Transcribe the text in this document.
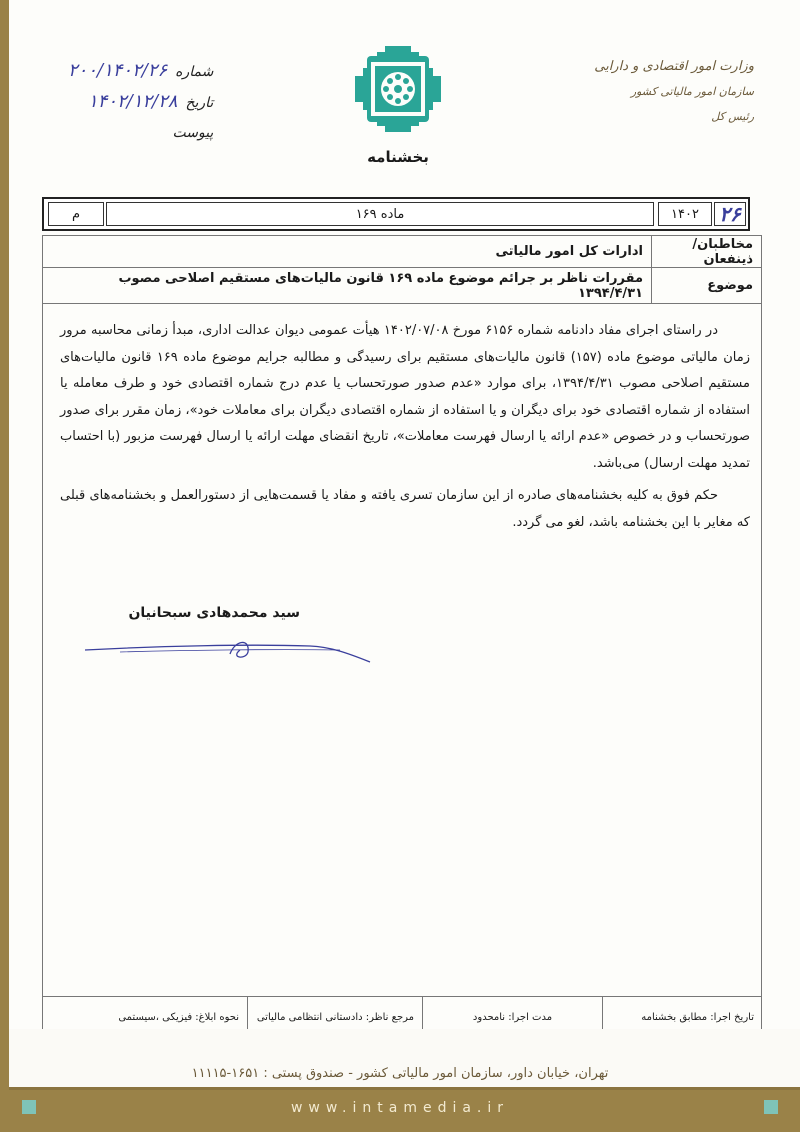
وزارت امور اقتصادی و دارایی
سازمان امور مالیاتی کشور
رئیس کل
بخشنامه
شماره
۲۰۰/۱۴۰۲/۲۶
تاریخ
۱۴۰۲/۱۲/۲۸
پیوست
م	ماده ۱۶۹	۱۴۰۲	۲۶
مخاطبان/ ذینفعان
ادارات کل امور مالیاتی
موضوع
مقررات ناظر بر جرائم موضوع ماده ۱۶۹ قانون مالیات‌های مستقیم اصلاحی مصوب ۱۳۹۴/۴/۳۱

در راستای اجرای مفاد دادنامه شماره ۶۱۵۶ مورخ ۱۴۰۲/۰۷/۰۸ هیأت عمومی دیوان عدالت اداری، مبدأ زمانی محاسبه مرور زمان مالیاتی موضوع ماده (۱۵۷) قانون مالیات‌های مستقیم برای رسیدگی و مطالبه جرایم موضوع ماده ۱۶۹ قانون مالیات‌های مستقیم اصلاحی مصوب ۱۳۹۴/۴/۳۱، برای موارد «عدم صدور صورتحساب یا عدم درج شماره اقتصادی خود و طرف معامله یا استفاده از شماره اقتصادی خود برای دیگران و یا استفاده از شماره اقتصادی دیگران برای معاملات خود»، زمان مقرر برای صدور صورتحساب و در خصوص «عدم ارائه یا ارسال فهرست معاملات»، تاریخ انقضای مهلت ارائه یا ارسال فهرست مزبور (با احتساب تمدید مهلت ارسال) می‌باشد.

حکم فوق به کلیه بخشنامه‌های صادره از این سازمان تسری یافته و مفاد یا قسمت‌هایی از دستورالعمل و بخشنامه‌های قبلی که مغایر با این بخشنامه باشد، لغو می گردد.

سید محمدهادی سبحانیان
تاریخ اجرا: مطابق بخشنامه
مدت اجرا: نامحدود
مرجع ناظر: دادستانی انتظامی مالیاتی
نحوه ابلاغ: فیزیکی ،سیستمی
تهران، خیابان داور، سازمان امور مالیاتی کشور - صندوق پستی : ۱۶۵۱-۱۱۱۱۵
www.intamedia.ir
